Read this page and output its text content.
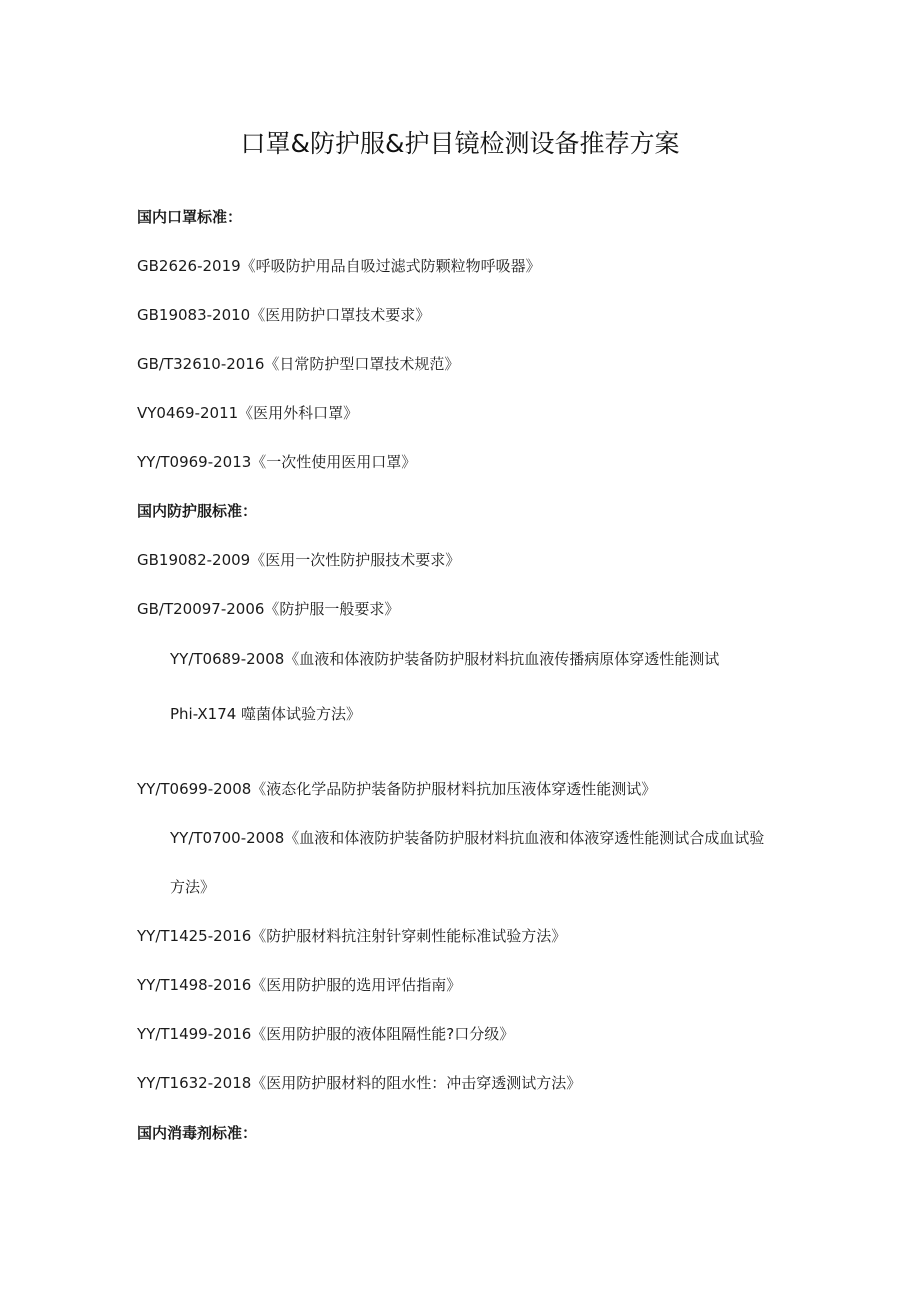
口罩&防护服&护目镜检测设备推荐方案
国内口罩标准：
GB2626-2019《呼吸防护用品自吸过滤式防颗粒物呼吸器》
GB19083-2010《医用防护口罩技术要求》
GB/T32610-2016《日常防护型口罩技术规范》
VY0469-2011《医用外科口罩》
YY/T0969-2013《一次性使用医用口罩》
国内防护服标准：
GB19082-2009《医用一次性防护服技术要求》
GB/T20097-2006《防护服一般要求》
YY/T0689-2008《血液和体液防护装备防护服材料抗血液传播病原体穿透性能测试
Phi-X174 噬菌体试验方法》
YY/T0699-2008《液态化学品防护装备防护服材料抗加压液体穿透性能测试》
YY/T0700-2008《血液和体液防护装备防护服材料抗血液和体液穿透性能测试合成血试验
方法》
YY/T1425-2016《防护服材料抗注射针穿刺性能标准试验方法》
YY/T1498-2016《医用防护服的选用评估指南》
YY/T1499-2016《医用防护服的液体阻隔性能?口分级》
YY/T1632-2018《医用防护服材料的阻水性：冲击穿透测试方法》
国内消毒剂标准：
